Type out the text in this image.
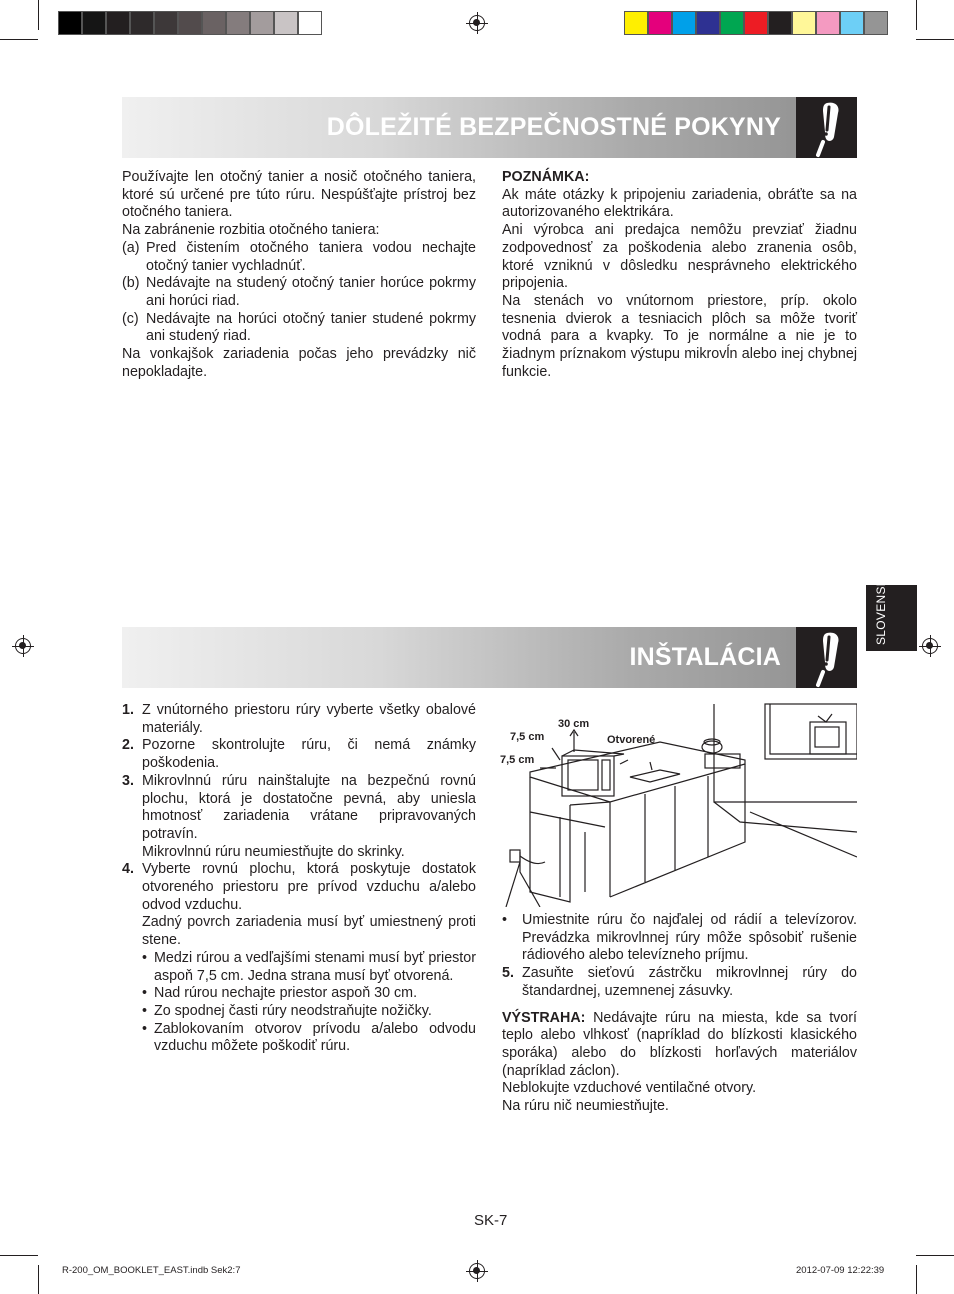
DÔLEŽITÉ BEZPEČNOSTNÉ POKYNY

Používajte len otočný tanier a nosič otočného taniera, ktoré sú určené pre túto rúru. Nespúšťajte prístroj bez otočného taniera.

Na zabránenie rozbitia otočného taniera:

(a) Pred čistením otočného taniera vodou nechajte otočný tanier vychladnúť.
(b) Nedávajte na studený otočný tanier horúce pokrmy ani horúci riad.
(c) Nedávajte na horúci otočný tanier studené pokrmy ani studený riad.

Na vonkajšok zariadenia počas jeho prevádzky nič nepokladajte.

POZNÁMKA:

Ak máte otázky k pripojeniu zariadenia, obráťte sa na autorizovaného elektrikára.

Ani výrobca ani predajca nemôžu prevziať žiadnu zodpovednosť za poškodenia alebo zranenia osôb, ktoré vzniknú v dôsledku nesprávneho elektrického pripojenia.

Na stenách vo vnútornom priestore, príp. okolo tesnenia dvierok a tesniacich plôch sa môže tvoriť vodná para a kvapky. To je normálne a nie je to žiadnym príznakom výstupu mikrovĺn alebo inej chybnej funkcie.

SLOVENSKY
INŠTALÁCIA
1. Z vnútorného priestoru rúry vyberte všetky obalové materiály.
2. Pozorne skontrolujte rúru, či nemá známky poškodenia.
3. Mikrovlnnú rúru nainštalujte na bezpečnú rovnú plochu, ktorá je dostatočne pevná, aby uniesla hmotnosť zariadenia vrátane pripravovaných potravín.
Mikrovlnnú rúru neumiestňujte do skrinky.
4. Vyberte rovnú plochu, ktorá poskytuje dostatok otvoreného priestoru pre prívod vzduchu a/alebo odvod vzduchu.
Zadný povrch zariadenia musí byť umiestnený proti stene.
• Medzi rúrou a vedľajšími stenami musí byť priestor aspoň 7,5 cm. Jedna strana musí byť otvorená.
• Nad rúrou nechajte priestor aspoň 30 cm.
• Zo spodnej časti rúry neodstraňujte nožičky.
• Zablokovaním otvorov prívodu a/alebo odvodu vzduchu môžete poškodiť rúru.
30 cm
7,5 cm
7,5 cm
Otvorené
•	Umiestnite rúru čo najďalej od rádií a televízorov. Prevádzka mikrovlnnej rúry môže spôsobiť rušenie rádiového alebo televízneho príjmu.
5. Zasuňte sieťovú zástrčku mikrovlnnej rúry do štandardnej, uzemnenej zásuvky.

VÝSTRAHA: Nedávajte rúru na miesta, kde sa tvorí teplo alebo vlhkosť (napríklad do blízkosti klasického sporáka) alebo do blízkosti horľavých materiálov (napríklad záclon).

Neblokujte vzduchové ventilačné otvory.

Na rúru nič neumiestňujte.

SK-7
R-200_OM_BOOKLET_EAST.indb Sek2:7	2012-07-09 12:22:39
